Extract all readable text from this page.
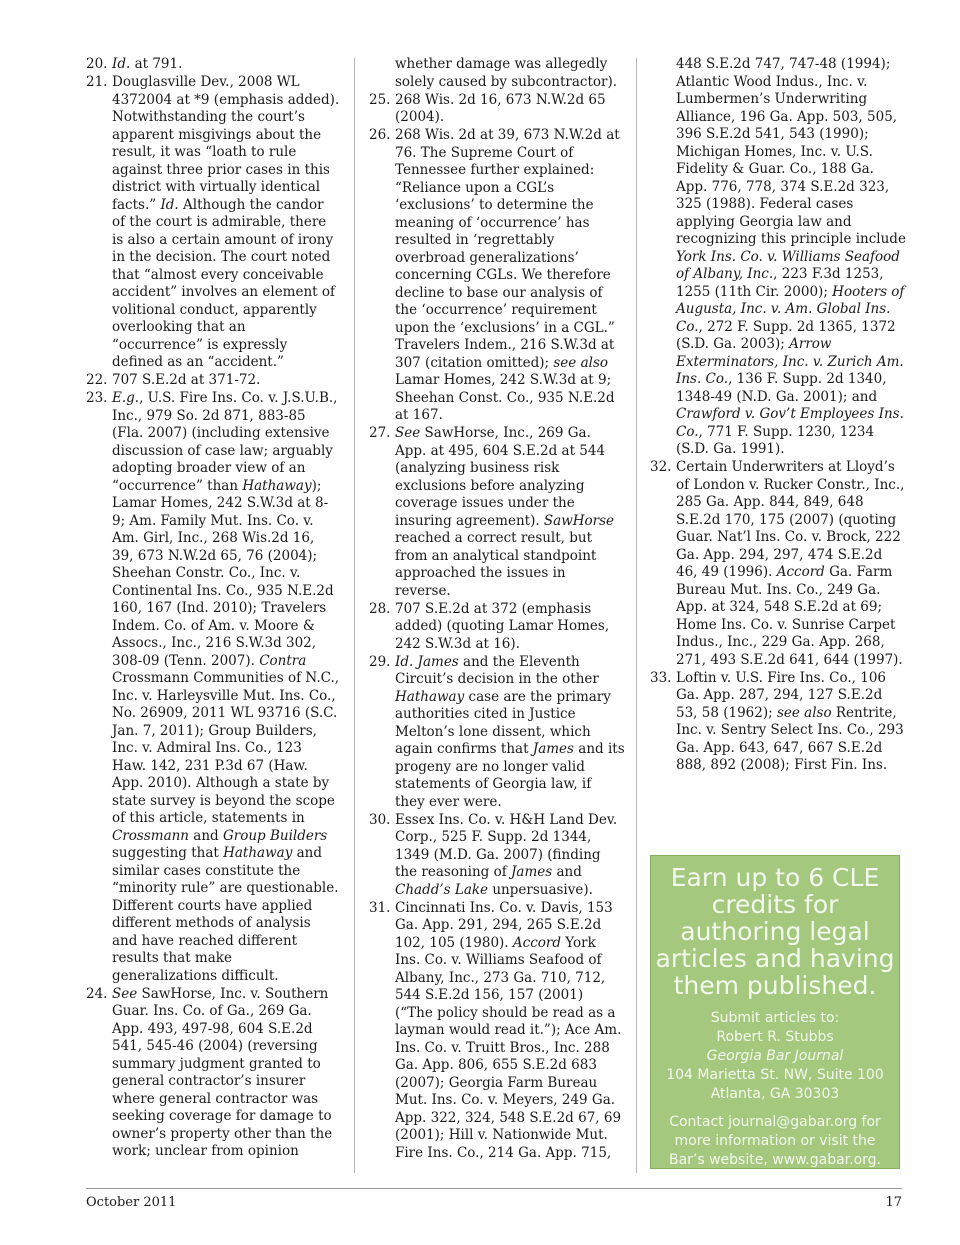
20. Id. at 791.
21. Douglasville Dev., 2008 WL 4372004 at *9 (emphasis added). Notwithstanding the court’s apparent misgivings about the result, it was “loath to rule against three prior cases in this district with virtually identical facts.” Id. Although the candor of the court is admirable, there is also a certain amount of irony in the decision. The court noted that “almost every conceivable accident” involves an element of volitional conduct, apparently overlooking that an “occurrence” is expressly defined as an “accident.”
22. 707 S.E.2d at 371-72.
23. E.g., U.S. Fire Ins. Co. v. J.S.U.B., Inc., 979 So. 2d 871, 883-85 (Fla. 2007) (including extensive discussion of case law; arguably adopting broader view of an “occurrence” than Hathaway); Lamar Homes, 242 S.W.3d at 8-9; Am. Family Mut. Ins. Co. v. Am. Girl, Inc., 268 Wis.2d 16, 39, 673 N.W.2d 65, 76 (2004); Sheehan Constr. Co., Inc. v. Continental Ins. Co., 935 N.E.2d 160, 167 (Ind. 2010); Travelers Indem. Co. of Am. v. Moore & Assocs., Inc., 216 S.W.3d 302, 308-09 (Tenn. 2007). Contra Crossmann Communities of N.C., Inc. v. Harleysville Mut. Ins. Co., No. 26909, 2011 WL 93716 (S.C. Jan. 7, 2011); Group Builders, Inc. v. Admiral Ins. Co., 123 Haw. 142, 231 P.3d 67 (Haw. App. 2010). Although a state by state survey is beyond the scope of this article, statements in Crossmann and Group Builders suggesting that Hathaway and similar cases constitute the “minority rule” are questionable. Different courts have applied different methods of analysis and have reached different results that make generalizations difficult.
24. See SawHorse, Inc. v. Southern Guar. Ins. Co. of Ga., 269 Ga. App. 493, 497-98, 604 S.E.2d 541, 545-46 (2004) (reversing summary judgment granted to general contractor’s insurer where general contractor was seeking coverage for damage to owner’s property other than the work; unclear from opinion
whether damage was allegedly solely caused by subcontractor).
25. 268 Wis. 2d 16, 673 N.W.2d 65 (2004).
26. 268 Wis. 2d at 39, 673 N.W.2d at 76. The Supreme Court of Tennessee further explained: “Reliance upon a CGL’s ‘exclusions’ to determine the meaning of ‘occurrence’ has resulted in ‘regrettably overbroad generalizations’ concerning CGLs. We therefore decline to base our analysis of the ‘occurrence’ requirement upon the ‘exclusions’ in a CGL.” Travelers Indem., 216 S.W.3d at 307 (citation omitted); see also Lamar Homes, 242 S.W.3d at 9; Sheehan Const. Co., 935 N.E.2d at 167.
27. See SawHorse, Inc., 269 Ga. App. at 495, 604 S.E.2d at 544 (analyzing business risk exclusions before analyzing coverage issues under the insuring agreement). SawHorse reached a correct result, but from an analytical standpoint approached the issues in reverse.
28. 707 S.E.2d at 372 (emphasis added) (quoting Lamar Homes, 242 S.W.3d at 16).
29. Id. James and the Eleventh Circuit’s decision in the other Hathaway case are the primary authorities cited in Justice Melton’s lone dissent, which again confirms that James and its progeny are no longer valid statements of Georgia law, if they ever were.
30. Essex Ins. Co. v. H&H Land Dev. Corp., 525 F. Supp. 2d 1344, 1349 (M.D. Ga. 2007) (finding the reasoning of James and Chadd’s Lake unpersuasive).
31. Cincinnati Ins. Co. v. Davis, 153 Ga. App. 291, 294, 265 S.E.2d 102, 105 (1980). Accord York Ins. Co. v. Williams Seafood of Albany, Inc., 273 Ga. 710, 712, 544 S.E.2d 156, 157 (2001) (“The policy should be read as a layman would read it.”); Ace Am. Ins. Co. v. Truitt Bros., Inc. 288 Ga. App. 806, 655 S.E.2d 683 (2007); Georgia Farm Bureau Mut. Ins. Co. v. Meyers, 249 Ga. App. 322, 324, 548 S.E.2d 67, 69 (2001); Hill v. Nationwide Mut. Fire Ins. Co., 214 Ga. App. 715,
448 S.E.2d 747, 747-48 (1994); Atlantic Wood Indus., Inc. v. Lumbermen’s Underwriting Alliance, 196 Ga. App. 503, 505, 396 S.E.2d 541, 543 (1990); Michigan Homes, Inc. v. U.S. Fidelity & Guar. Co., 188 Ga. App. 776, 778, 374 S.E.2d 323, 325 (1988). Federal cases applying Georgia law and recognizing this principle include York Ins. Co. v. Williams Seafood of Albany, Inc., 223 F.3d 1253, 1255 (11th Cir. 2000); Hooters of Augusta, Inc. v. Am. Global Ins. Co., 272 F. Supp. 2d 1365, 1372 (S.D. Ga. 2003); Arrow Exterminators, Inc. v. Zurich Am. Ins. Co., 136 F. Supp. 2d 1340, 1348-49 (N.D. Ga. 2001); and Crawford v. Gov’t Employees Ins. Co., 771 F. Supp. 1230, 1234 (S.D. Ga. 1991).
32. Certain Underwriters at Lloyd’s of London v. Rucker Constr., Inc., 285 Ga. App. 844, 849, 648 S.E.2d 170, 175 (2007) (quoting Guar. Nat’l Ins. Co. v. Brock, 222 Ga. App. 294, 297, 474 S.E.2d 46, 49 (1996). Accord Ga. Farm Bureau Mut. Ins. Co., 249 Ga. App. at 324, 548 S.E.2d at 69; Home Ins. Co. v. Sunrise Carpet Indus., Inc., 229 Ga. App. 268, 271, 493 S.E.2d 641, 644 (1997).
33. Loftin v. U.S. Fire Ins. Co., 106 Ga. App. 287, 294, 127 S.E.2d 53, 58 (1962); see also Rentrite, Inc. v. Sentry Select Ins. Co., 293 Ga. App. 643, 647, 667 S.E.2d 888, 892 (2008); First Fin. Ins.
Earn up to 6 CLE credits for authoring legal articles and having them published.
Submit articles to:
Robert R. Stubbs
Georgia Bar Journal
104 Marietta St. NW, Suite 100
Atlanta, GA 30303
Contact journal@gabar.org for more information or visit the Bar’s website, www.gabar.org.
October 2011	17
